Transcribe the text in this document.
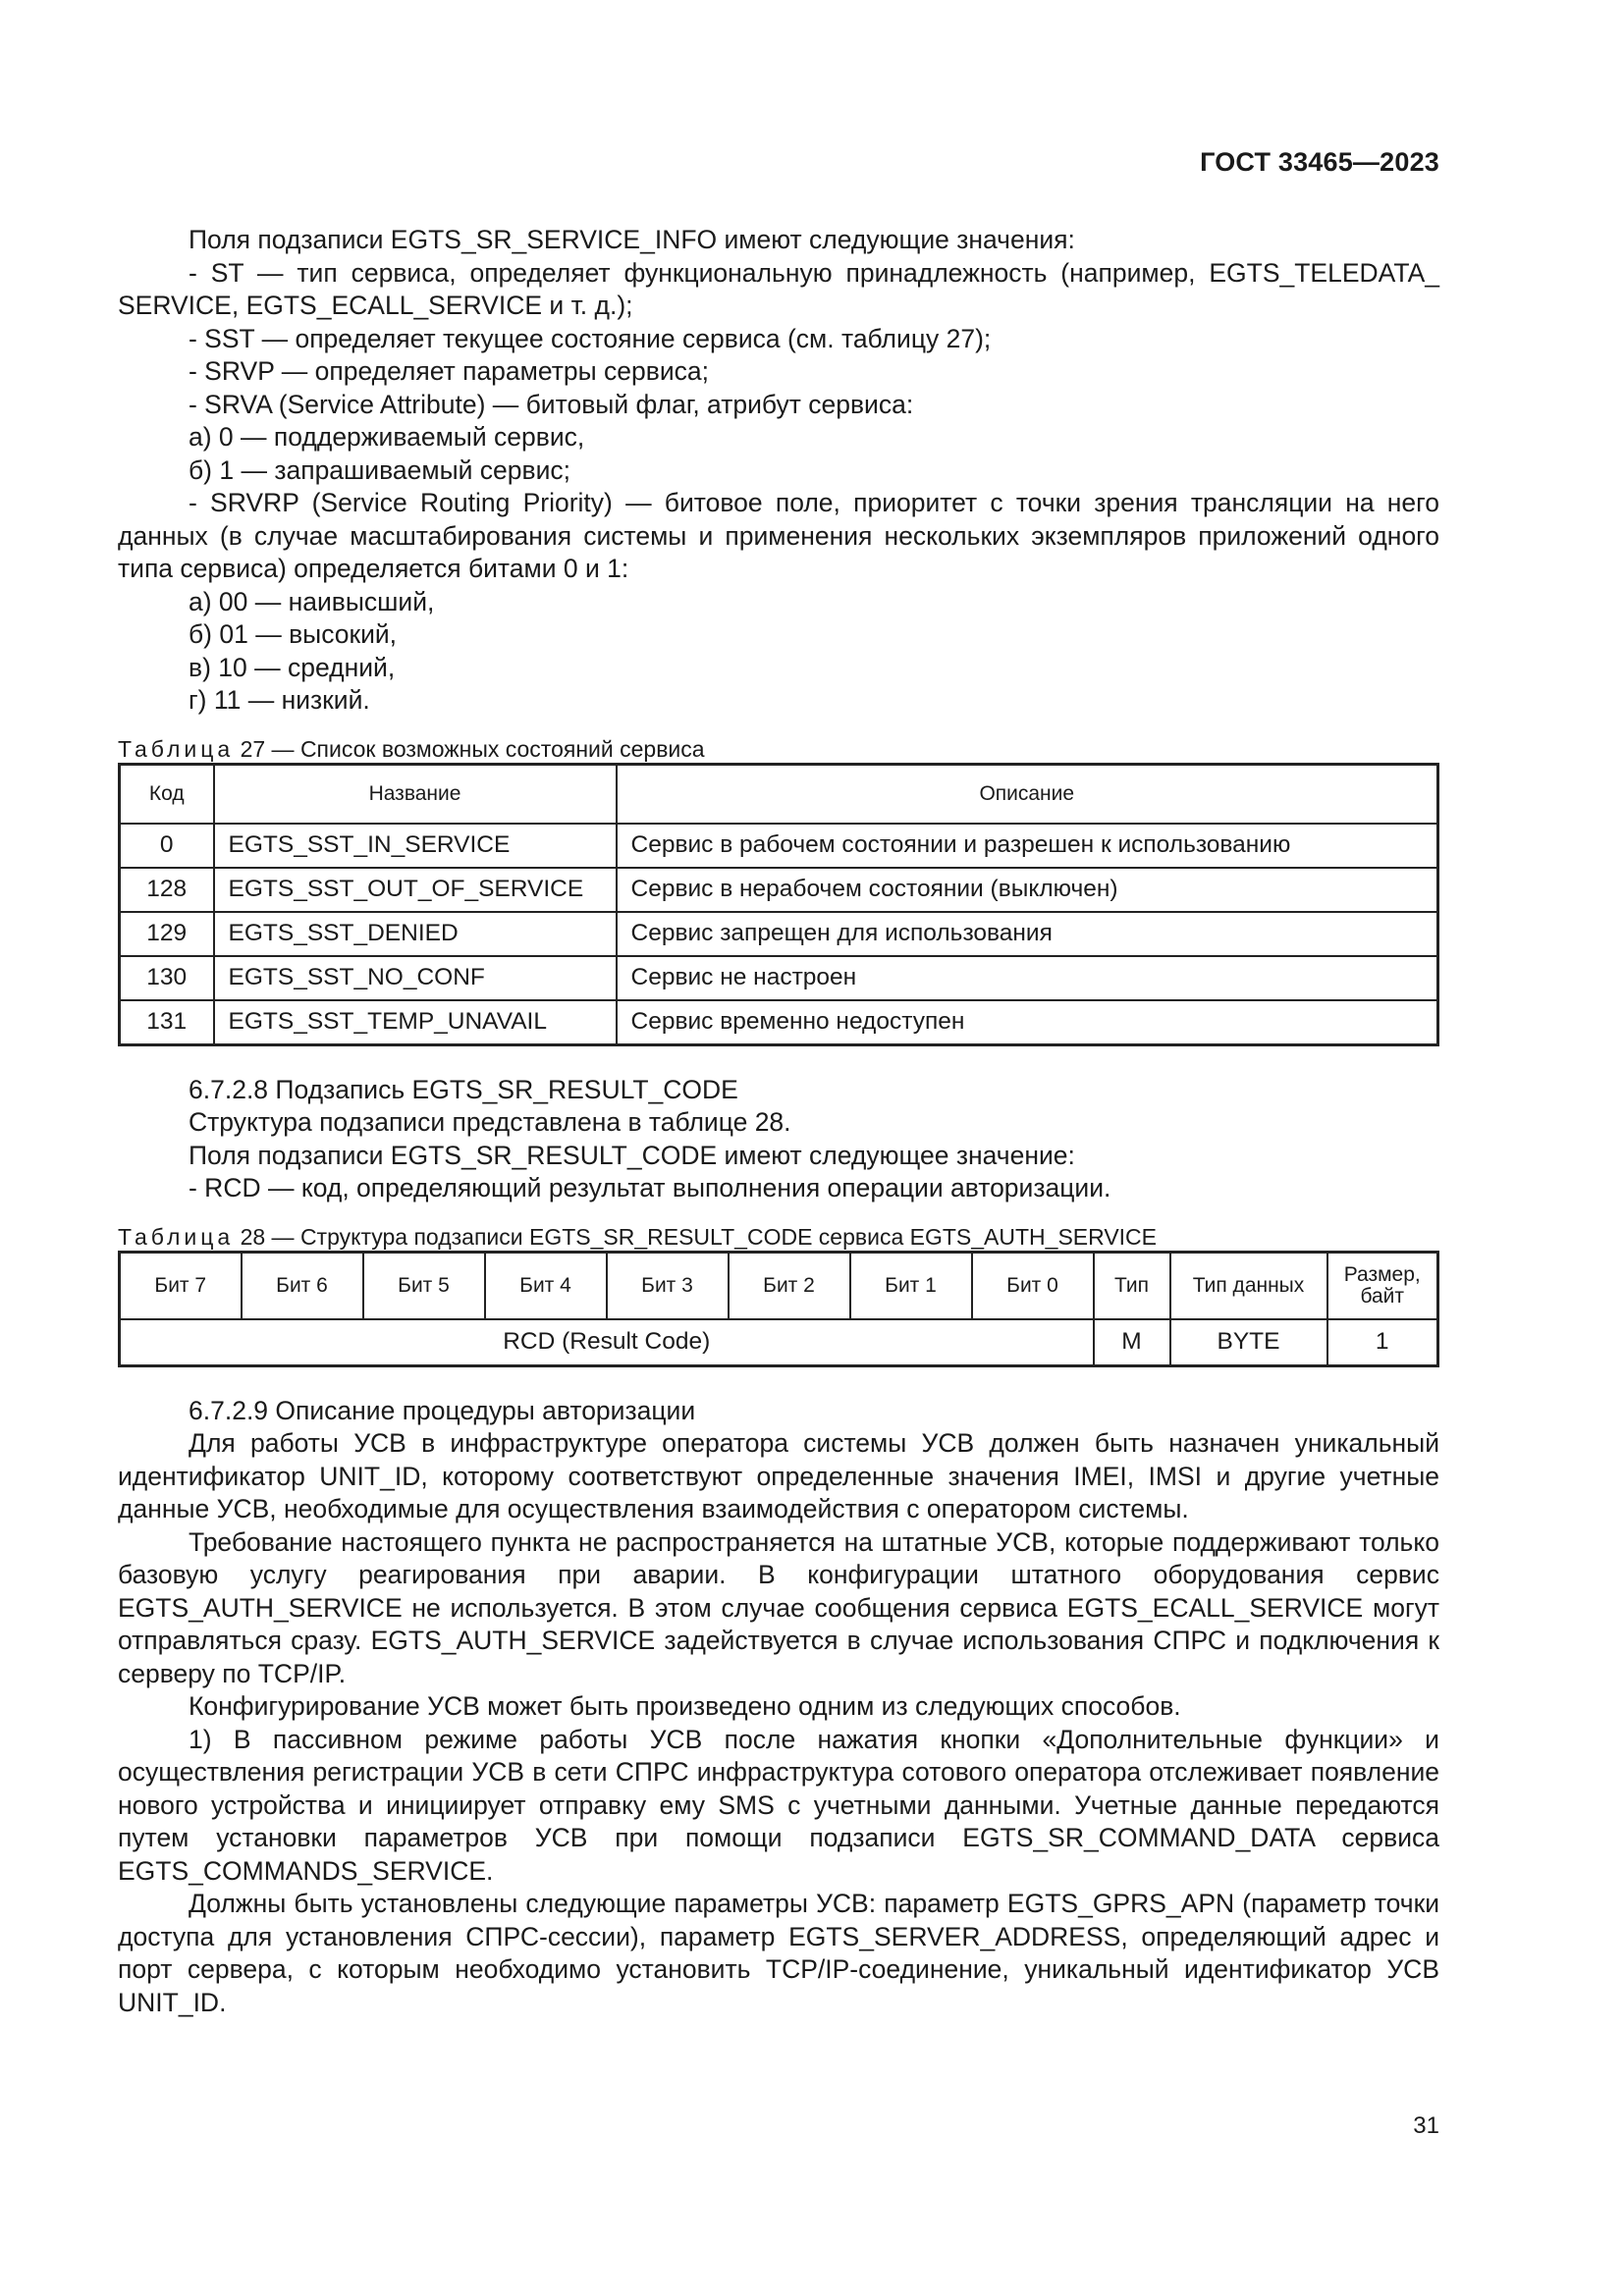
ГОСТ 33465—2023

Поля подзаписи EGTS_SR_SERVICE_INFO имеют следующие значения:

- ST — тип сервиса, определяет функциональную принадлежность (например, EGTS_TELEDATA_ SERVICE, EGTS_ECALL_SERVICE и т. д.);

- SST — определяет текущее состояние сервиса (см. таблицу 27);

- SRVP — определяет параметры сервиса;

- SRVA (Service Attribute) — битовый флаг, атрибут сервиса:

а) 0 — поддерживаемый сервис,

б) 1 — запрашиваемый сервис;

- SRVRP (Service Routing Priority) — битовое поле, приоритет с точки зрения трансляции на него данных (в случае масштабирования системы и применения нескольких экземпляров приложений одного типа сервиса) определяется битами 0 и 1:

а) 00 — наивысший,

б) 01 — высокий,

в) 10 — средний,

г) 11 — низкий.

Таблица 27 — Список возможных состояний сервиса

Код	Название	Описание
0	EGTS_SST_IN_SERVICE	Сервис в рабочем состоянии и разрешен к использованию
128	EGTS_SST_OUT_OF_SERVICE	Сервис в нерабочем состоянии (выключен)
129	EGTS_SST_DENIED	Сервис запрещен для использования
130	EGTS_SST_NO_CONF	Сервис не настроен
131	EGTS_SST_TEMP_UNAVAIL	Сервис временно недоступен

6.7.2.8 Подзапись EGTS_SR_RESULT_CODE

Структура подзаписи представлена в таблице 28.

Поля подзаписи EGTS_SR_RESULT_CODE имеют следующее значение:

- RCD — код, определяющий результат выполнения операции авторизации.

Таблица 28 — Структура подзаписи EGTS_SR_RESULT_CODE сервиса EGTS_AUTH_SERVICE

Бит 7	Бит 6	Бит 5	Бит 4	Бит 3	Бит 2	Бит 1	Бит 0	Тип	Тип данных	Размер, байт
RCD (Result Code)								M	BYTE	1

6.7.2.9 Описание процедуры авторизации

Для работы УСВ в инфраструктуре оператора системы УСВ должен быть назначен уникальный идентификатор UNIT_ID, которому соответствуют определенные значения IMEI, IMSI и другие учетные данные УСВ, необходимые для осуществления взаимодействия с оператором системы.

Требование настоящего пункта не распространяется на штатные УСВ, которые поддерживают только базовую услугу реагирования при аварии. В конфигурации штатного оборудования сервис EGTS_AUTH_SERVICE не используется. В этом случае сообщения сервиса EGTS_ECALL_SERVICE могут отправляться сразу. EGTS_AUTH_SERVICE задействуется в случае использования СПРС и подключения к серверу по TCP/IP.

Конфигурирование УСВ может быть произведено одним из следующих способов.

1) В пассивном режиме работы УСВ после нажатия кнопки «Дополнительные функции» и осуществления регистрации УСВ в сети СПРС инфраструктура сотового оператора отслеживает появление нового устройства и инициирует отправку ему SMS с учетными данными. Учетные данные передаются путем установки параметров УСВ при помощи подзаписи EGTS_SR_COMMAND_DATA сервиса EGTS_COMMANDS_SERVICE.

Должны быть установлены следующие параметры УСВ: параметр EGTS_GPRS_APN (параметр точки доступа для установления СПРС-сессии), параметр EGTS_SERVER_ADDRESS, определяющий адрес и порт сервера, с которым необходимо установить TCP/IP-соединение, уникальный идентификатор УСВ UNIT_ID.

31
